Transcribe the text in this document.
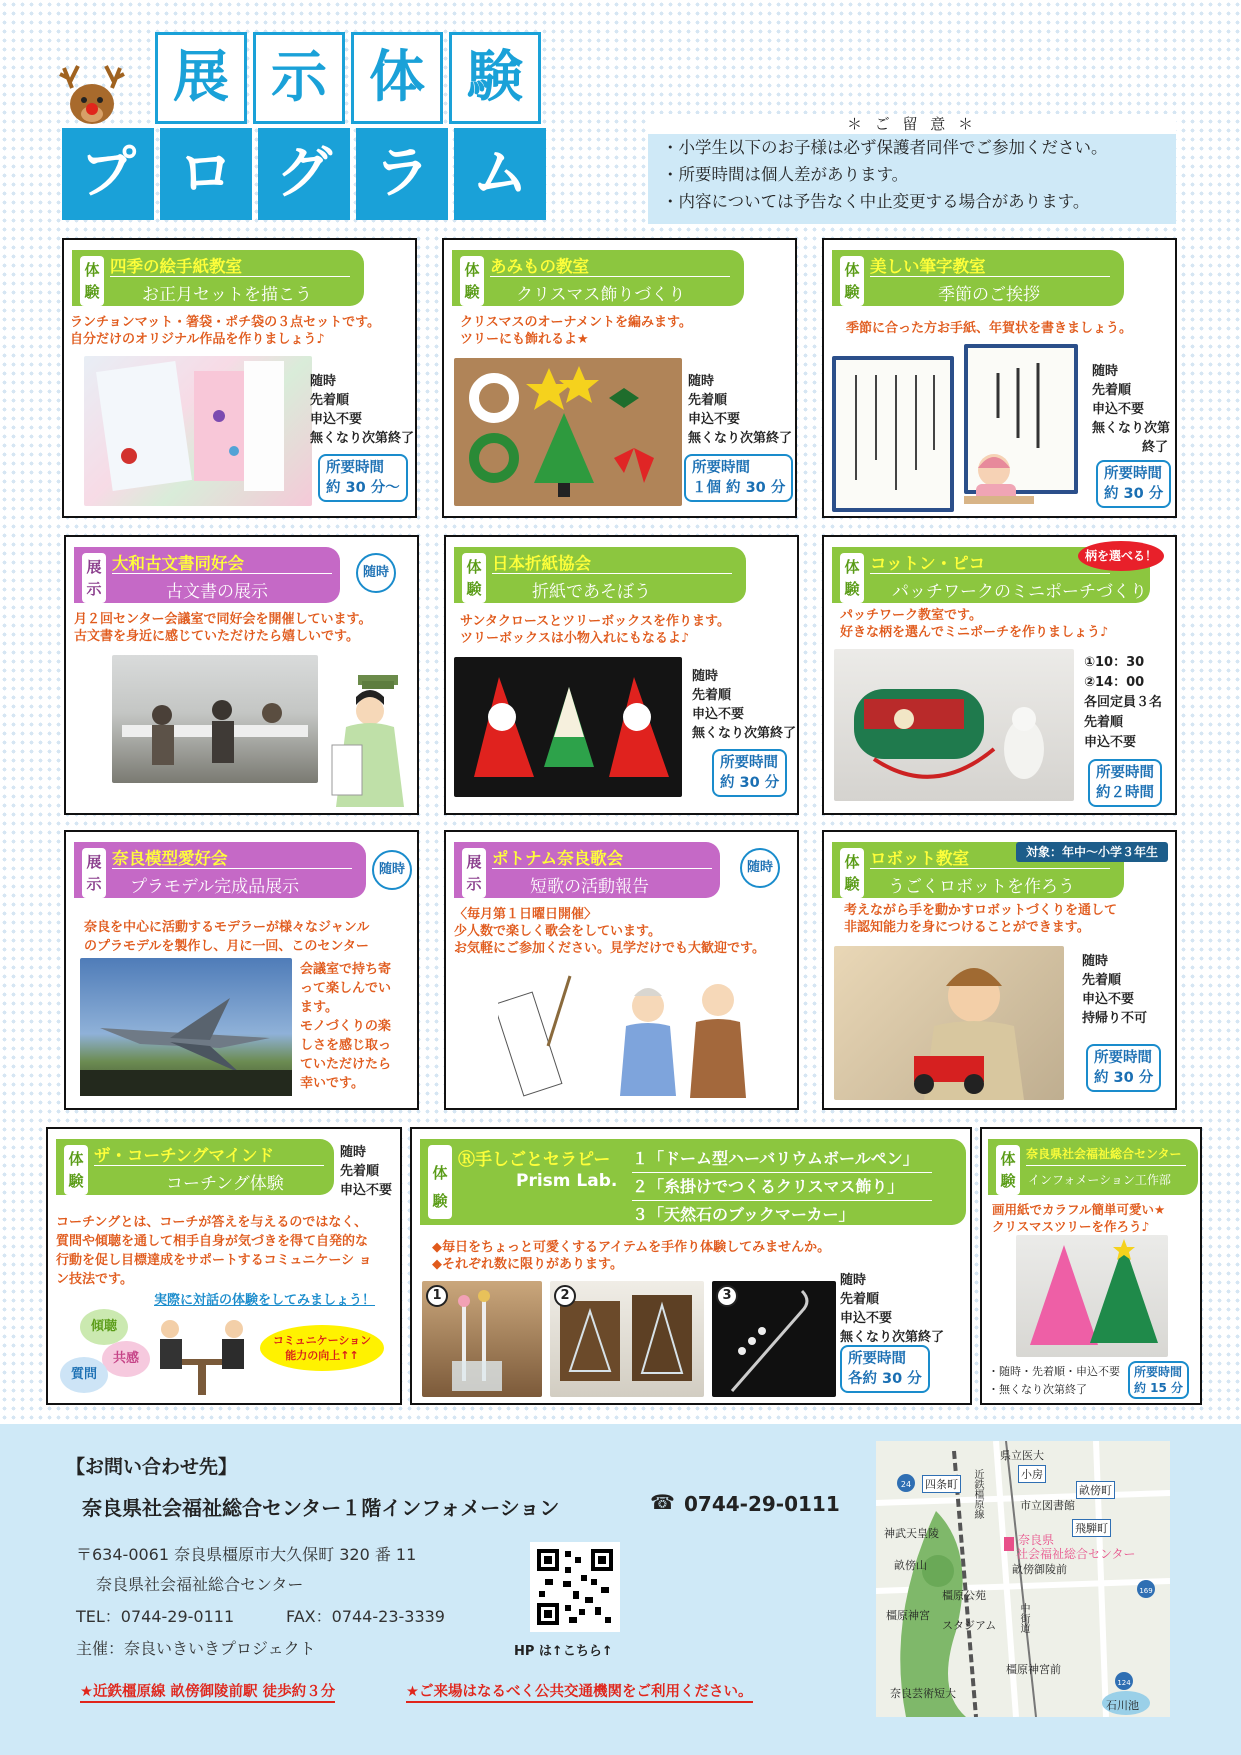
展 示 体 験
プ ロ グ ラ ム
＊ ご 留 意 ＊
・小学生以下のお子様は必ず保護者同伴でご参加ください。
・所要時間は個人差があります。
・内容については予告なく中止変更する場合があります。
体験
四季の絵手紙教室
お正月セットを描こう
ランチョンマット・箸袋・ポチ袋の３点セットです。
自分だけのオリジナル作品を作りましょう♪
随時
先着順
申込不要
無くなり次第終了
所要時間
約 30 分～
体験
あみもの教室
クリスマス飾りづくり
クリスマスのオーナメントを編みます。
ツリーにも飾れるよ★
随時
先着順
申込不要
無くなり次第終了
所要時間
１個 約 30 分
体験
美しい筆字教室
季節のご挨拶
季節に合った方お手紙、年賀状を書きましょう。
随時
先着順
申込不要
無くなり次第
終了
所要時間
約 30 分
展示
大和古文書同好会
古文書の展示
随時
月２回センター会議室で同好会を開催しています。
古文書を身近に感じていただけたら嬉しいです。
体験
日本折紙協会
折紙であそぼう
サンタクロースとツリーボックスを作ります。
ツリーボックスは小物入れにもなるよ♪
随時
先着順
申込不要
無くなり次第終了
所要時間
約 30 分
体験
コットン・ピコ
パッチワークのミニポーチづくり
柄を選べる！
パッチワーク教室です。
好きな柄を選んでミニポーチを作りましょう♪
①10：30
②14：00
各回定員３名
先着順
申込不要
所要時間
約２時間
展示
奈良模型愛好会
プラモデル完成品展示
随時
奈良を中心に活動するモデラーが様々なジャンル
のプラモデルを製作し、月に一回、このセンター
会議室で持ち寄
って楽しんでい
ます。
モノづくりの楽
しさを感じ取っ
ていただけたら
幸いです。
展示
ポトナム奈良歌会
短歌の活動報告
随時
〈毎月第１日曜日開催〉
少人数で楽しく歌会をしています。
お気軽にご参加ください。見学だけでも大歓迎です。
体験
ロボット教室
うごくロボットを作ろう
対象：年中～小学３年生
考えながら手を動かすロボットづくりを通して
非認知能力を身につけることができます。
随時
先着順
申込不要
持帰り不可
所要時間
約 30 分
体験
ザ・コーチングマインド
コーチング体験
随時
先着順
申込不要
コーチングとは、コーチが答えを与えるのではなく、
質問や傾聴を通して相手自身が気づきを得て自発的な
行動を促し目標達成をサポートするコミュニケーシ ョ
ン技法です。
実際に対話の体験をしてみましょう！
傾聴
共感
質問
コミュニケーション
能力の向上↑↑
体験
Ⓡ手しごとセラピー
Prism Lab.
１「ドーム型ハーバリウムボールペン」
２「糸掛けでつくるクリスマス飾り」
３「天然石のブックマーカー」
◆毎日をちょっと可愛くするアイテムを手作り体験してみませんか。
◆それぞれ数に限りがあります。
1	2	3
随時
先着順
申込不要
無くなり次第終了
所要時間
各約 30 分
体験
奈良県社会福祉総合センター
インフォメーション工作部
画用紙でカラフル簡単可愛い★
クリスマスツリーを作ろう♪
・随時・先着順・申込不要
・無くなり次第終了
所要時間
約 15 分
【お問い合わせ先】
奈良県社会福祉総合センター１階インフォメーション	☎ 0744-29-0111
〒634-0061 奈良県橿原市大久保町 320 番 11
奈良県社会福祉総合センター
TEL：0744-29-0111	FAX：0744-23-3339
主催：奈良いきいきプロジェクト
★近鉄橿原線 畝傍御陵前駅 徒歩約３分	★ご来場はなるべく公共交通機関をご利用ください。
HP は↑こちら↑
24
169
124
県立医大
小房
四条町	畝傍町
市立図書館
近鉄橿原線
神武天皇陵	飛騨町
奈良県
社会福祉総合センター
畝傍御陵前
畝傍山
橿原公苑
橿原神宮
スタジアム 中街道
橿原神宮前
奈良芸術短大
石川池
